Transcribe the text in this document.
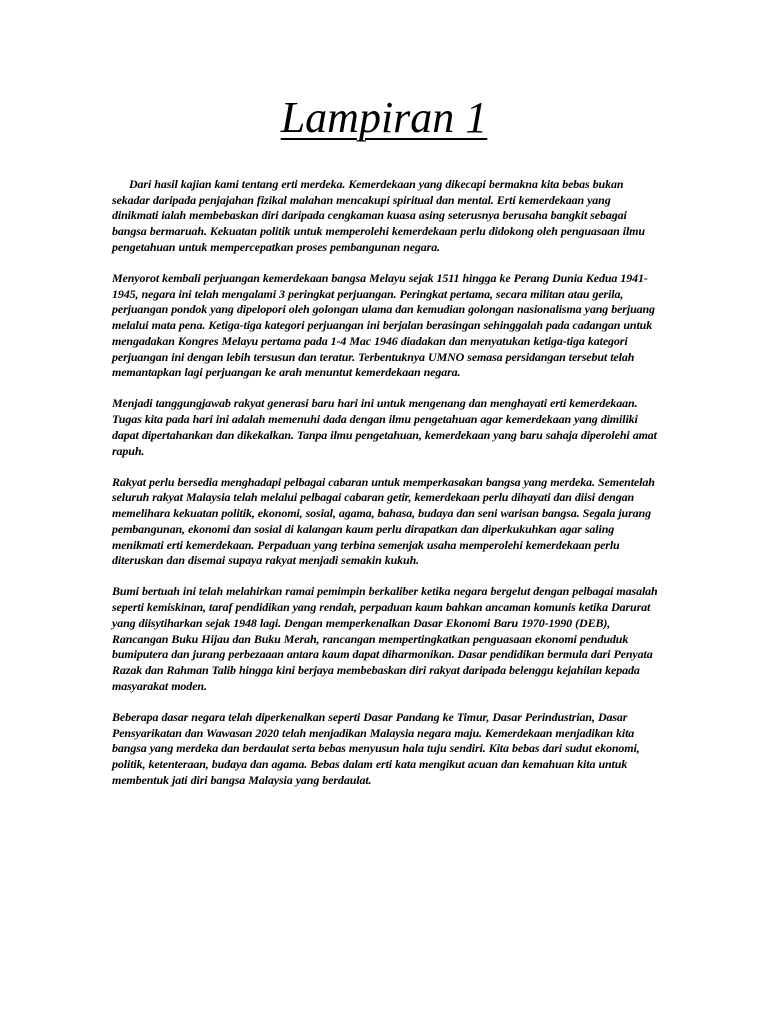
Lampiran 1

Dari hasil kajian kami tentang erti merdeka. Kemerdekaan yang dikecapi bermakna kita bebas bukan sekadar daripada penjajahan fizikal malahan mencakupi spiritual dan mental. Erti kemerdekaan yang dinikmati ialah membebaskan diri daripada cengkaman kuasa asing seterusnya berusaha bangkit sebagai bangsa bermaruah. Kekuatan politik untuk memperolehi kemerdekaan perlu didokong oleh penguasaan ilmu pengetahuan untuk mempercepatkan proses pembangunan negara.

Menyorot kembali perjuangan kemerdekaan bangsa Melayu sejak 1511 hingga ke Perang Dunia Kedua 1941-1945, negara ini telah mengalami 3 peringkat perjuangan. Peringkat pertama, secara militan atau gerila, perjuangan pondok yang dipelopori oleh golongan ulama dan kemudian golongan nasionalisma yang berjuang melalui mata pena. Ketiga-tiga kategori perjuangan ini berjalan berasingan sehinggalah pada cadangan untuk mengadakan Kongres Melayu pertama pada 1-4 Mac 1946 diadakan dan menyatukan ketiga-tiga kategori perjuangan ini dengan lebih tersusun dan teratur. Terbentuknya UMNO semasa persidangan tersebut telah memantapkan lagi perjuangan ke arah menuntut kemerdekaan negara.

Menjadi tanggungjawab rakyat generasi baru hari ini untuk mengenang dan menghayati erti kemerdekaan. Tugas kita pada hari ini adalah memenuhi dada dengan ilmu pengetahuan agar kemerdekaan yang dimiliki dapat dipertahankan dan dikekalkan. Tanpa ilmu pengetahuan, kemerdekaan yang baru sahaja diperolehi amat rapuh.

Rakyat perlu bersedia menghadapi pelbagai cabaran untuk memperkasakan bangsa yang merdeka. Sementelah seluruh rakyat Malaysia telah melalui pelbagai cabaran getir, kemerdekaan perlu dihayati dan diisi dengan memelihara kekuatan politik, ekonomi, sosial, agama, bahasa, budaya dan seni warisan bangsa. Segala jurang pembangunan, ekonomi dan sosial di kalangan kaum perlu dirapatkan dan diperkukuhkan agar saling menikmati erti kemerdekaan. Perpaduan yang terbina semenjak usaha memperolehi kemerdekaan perlu diteruskan dan disemai supaya rakyat menjadi semakin kukuh.

Bumi bertuah ini telah melahirkan ramai pemimpin berkaliber ketika negara bergelut dengan pelbagai masalah seperti kemiskinan, taraf pendidikan yang rendah, perpaduan kaum bahkan ancaman komunis ketika Darurat yang diisytiharkan sejak 1948 lagi. Dengan memperkenalkan Dasar Ekonomi Baru 1970-1990 (DEB), Rancangan Buku Hijau dan Buku Merah, rancangan mempertingkatkan penguasaan ekonomi penduduk bumiputera dan jurang perbezaaan antara kaum dapat diharmonikan. Dasar pendidikan bermula dari Penyata Razak dan Rahman Talib hingga kini berjaya membebaskan diri rakyat daripada belenggu kejahilan kepada masyarakat moden.

Beberapa dasar negara telah diperkenalkan seperti Dasar Pandang ke Timur, Dasar Perindustrian, Dasar Pensyarikatan dan Wawasan 2020 telah menjadikan Malaysia negara maju. Kemerdekaan menjadikan kita bangsa yang merdeka dan berdaulat serta bebas menyusun hala tuju sendiri. Kita bebas dari sudut ekonomi, politik, ketenteraan, budaya dan agama. Bebas dalam erti kata mengikut acuan dan kemahuan kita untuk membentuk jati diri bangsa Malaysia yang berdaulat.
